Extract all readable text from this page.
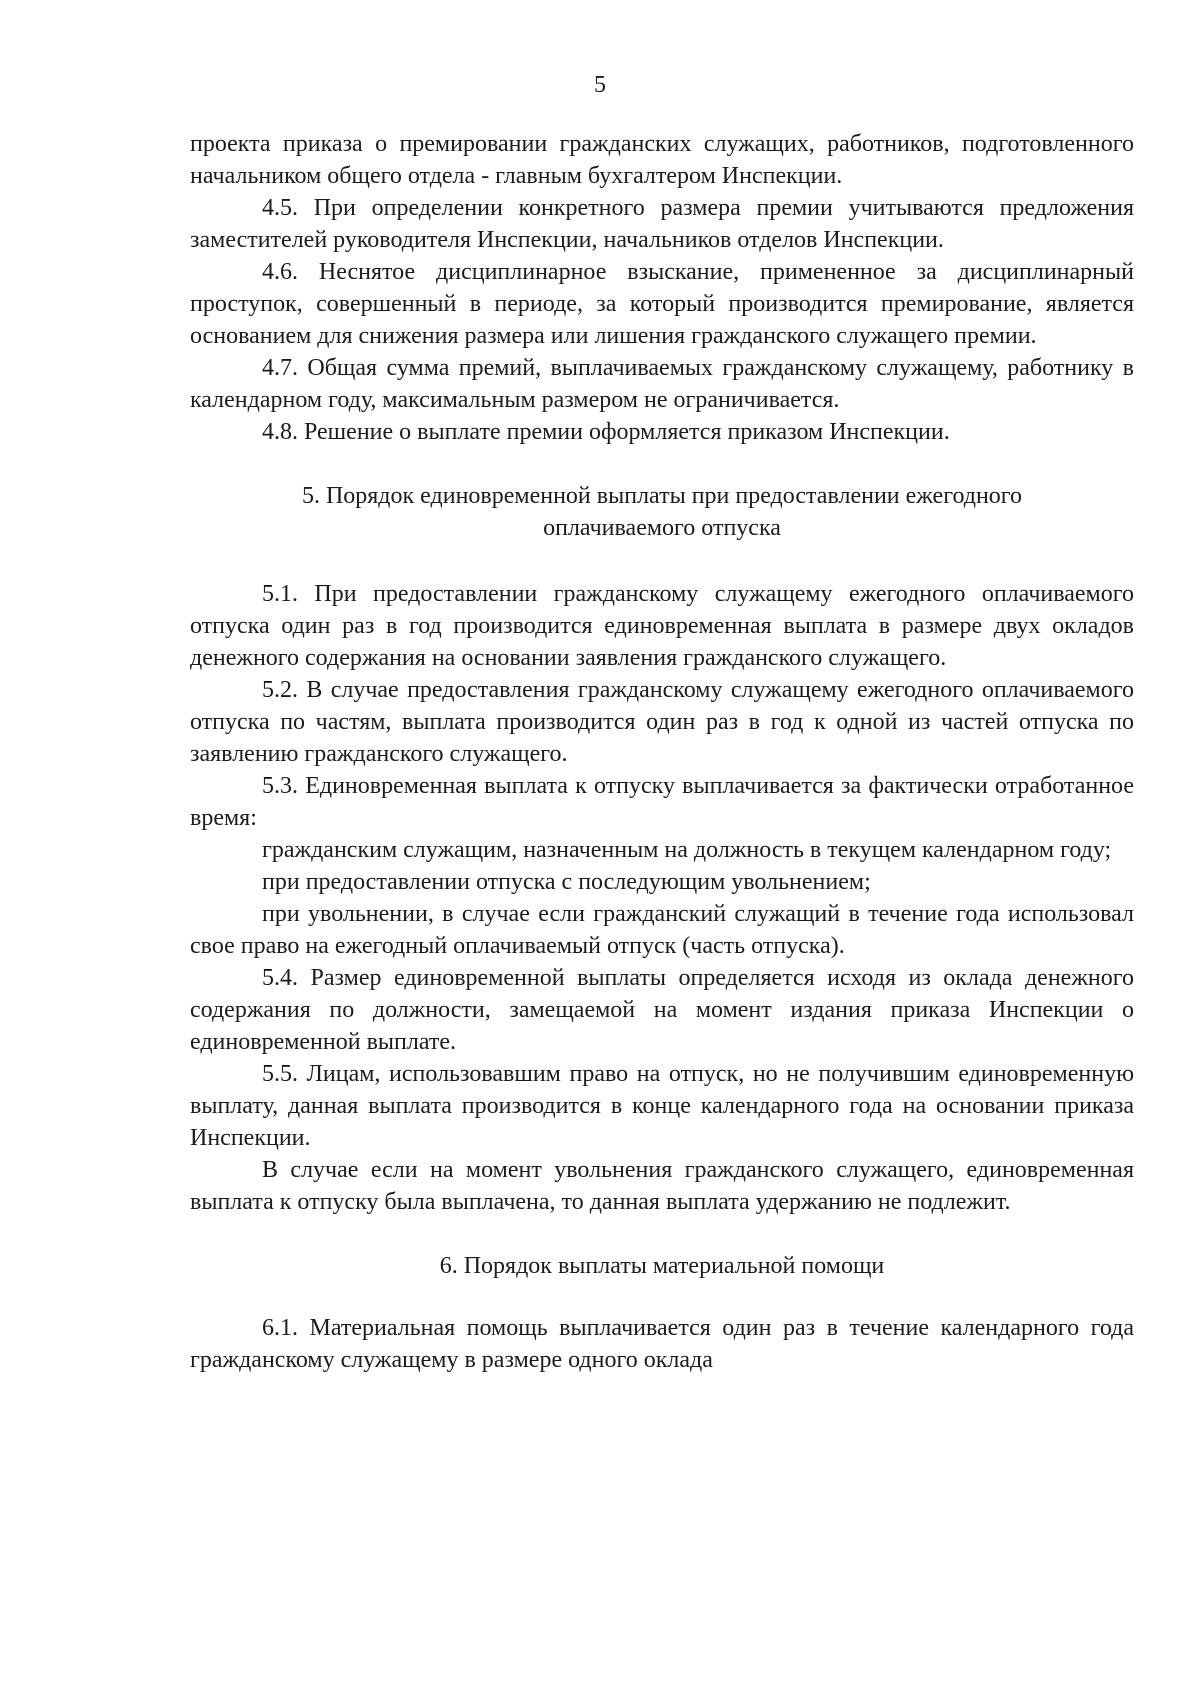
5

проекта приказа о премировании гражданских служащих, работников, подготовленного начальником общего отдела - главным бухгалтером Инспекции.

4.5. При определении конкретного размера премии учитываются предложения заместителей руководителя Инспекции, начальников отделов Инспекции.

4.6. Неснятое дисциплинарное взыскание, примененное за дисциплинарный проступок, совершенный в периоде, за который производится премирование, является основанием для снижения размера или лишения гражданского служащего премии.

4.7. Общая сумма премий, выплачиваемых гражданскому служащему, работнику в календарном году, максимальным размером не ограничивается.

4.8. Решение о выплате премии оформляется приказом Инспекции.

5. Порядок единовременной выплаты при предоставлении ежегодного оплачиваемого отпуска

5.1. При предоставлении гражданскому служащему ежегодного оплачиваемого отпуска один раз в год производится единовременная выплата в размере двух окладов денежного содержания на основании заявления гражданского служащего.

5.2. В случае предоставления гражданскому служащему ежегодного оплачиваемого отпуска по частям, выплата производится один раз в год к одной из частей отпуска по заявлению гражданского служащего.

5.3. Единовременная выплата к отпуску выплачивается за фактически отработанное время:

гражданским служащим, назначенным на должность в текущем календарном году;

при предоставлении отпуска с последующим увольнением;

при увольнении, в случае если гражданский служащий в течение года использовал свое право на ежегодный оплачиваемый отпуск (часть отпуска).

5.4. Размер единовременной выплаты определяется исходя из оклада денежного содержания по должности, замещаемой на момент издания приказа Инспекции о единовременной выплате.

5.5. Лицам, использовавшим право на отпуск, но не получившим единовременную выплату, данная выплата производится в конце календарного года на основании приказа Инспекции.

В случае если на момент увольнения гражданского служащего, единовременная выплата к отпуску была выплачена, то данная выплата удержанию не подлежит.

6. Порядок выплаты материальной помощи

6.1. Материальная помощь выплачивается один раз в течение календарного года гражданскому служащему в размере одного оклада
